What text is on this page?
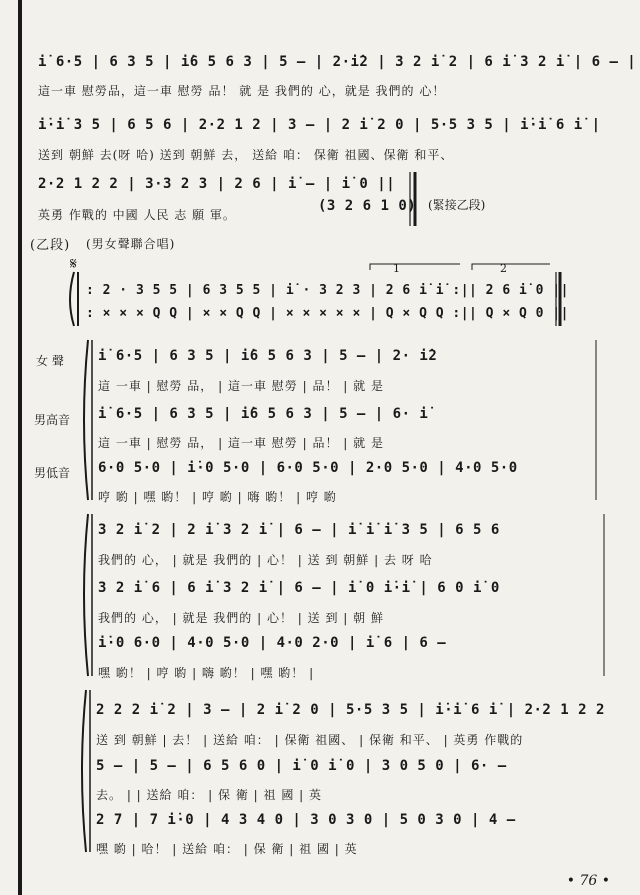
i̇ 6·5 | 6 3 5 | i̇6 5 6 3 | 5 — | 2·i̇2 | 3 2 i̇ 2 | 6 i̇ 3 2 i̇ | 6 — |
這一車 慰勞品，這一車 慰勞 品！ 就 是 我們的 心，就是 我們的 心！
i̇·i̇ 3 5 | 6 5 6 | 2·2 1 2 | 3 — | 2 i̇ 2 0 | 5·5 3 5 | i̇·i̇ 6 i̇ |
送到 朝鮮 去(呀 哈) 送到 朝鮮 去， 送給 咱： 保衛 祖國、保衛 和平、
2·2 1 2 2 | 3·3 2 3 | 2 6 | i̇ — | i̇ 0 ||
(3 2 6 1 0)
英勇 作戰的 中國 人民 志 願 軍。
(緊接乙段)
(乙段) (男女聲聯合唱)
𝄋
: 2 · 3 5 5 | 6 3 5 5 | i̇ · 3 2 3 | 2 6 i̇ i̇ :|| 2 6 i̇ 0 ||
: × × × Q Q | × × Q Q | × × × × × | Q × Q Q :|| Q × Q 0 ||
1	2
女 聲
男高音
男低音
i̇ 6·5 | 6 3 5 | i̇6 5 6 3 | 5 — | 2· i̇2
這 一車 | 慰勞 品， | 這一車 慰勞 | 品！ | 就 是
i̇ 6·5 | 6 3 5 | i̇6 5 6 3 | 5 — | 6· i̇
這 一車 | 慰勞 品， | 這一車 慰勞 | 品！ | 就 是
6·0 5·0 | i̇·0 5·0 | 6·0 5·0 | 2·0 5·0 | 4·0 5·0
哼 喲 | 嘿 喲！ | 哼 喲 | 嗨 喲！ | 哼 喲
3 2 i̇ 2 | 2 i̇ 3 2 i̇ | 6 — | i̇ i̇ i̇ 3 5 | 6 5 6
我們的 心， | 就是 我們的 | 心！ | 送 到 朝鮮 | 去 呀 哈
3 2 i̇ 6 | 6 i̇ 3 2 i̇ | 6 — | i̇ 0 i̇·i̇ | 6 0 i̇ 0
我們的 心， | 就是 我們的 | 心！ | 送 到 | 朝 鮮
i̇·0 6·0 | 4·0 5·0 | 4·0 2·0 | i̇ 6 | 6 —
嘿 喲！ | 哼 喲 | 嗨 喲！ | 嘿 喲！ |
2 2 2 i̇ 2 | 3 — | 2 i̇ 2 0 | 5·5 3 5 | i̇·i̇ 6 i̇ | 2·2 1 2 2
送 到 朝鮮 | 去！ | 送給 咱： | 保衛 祖國、 | 保衛 和平、 | 英勇 作戰的
5 — | 5 — | 6 5 6 0 | i̇ 0 i̇ 0 | 3 0 5 0 | 6· —
去。 | | 送給 咱： | 保 衛 | 祖 國 | 英
2 7 | 7 i̇·0 | 4 3 4 0 | 3 0 3 0 | 5 0 3 0 | 4 —
嘿 喲 | 哈！ | 送給 咱： | 保 衛 | 祖 國 | 英
• 76 •
